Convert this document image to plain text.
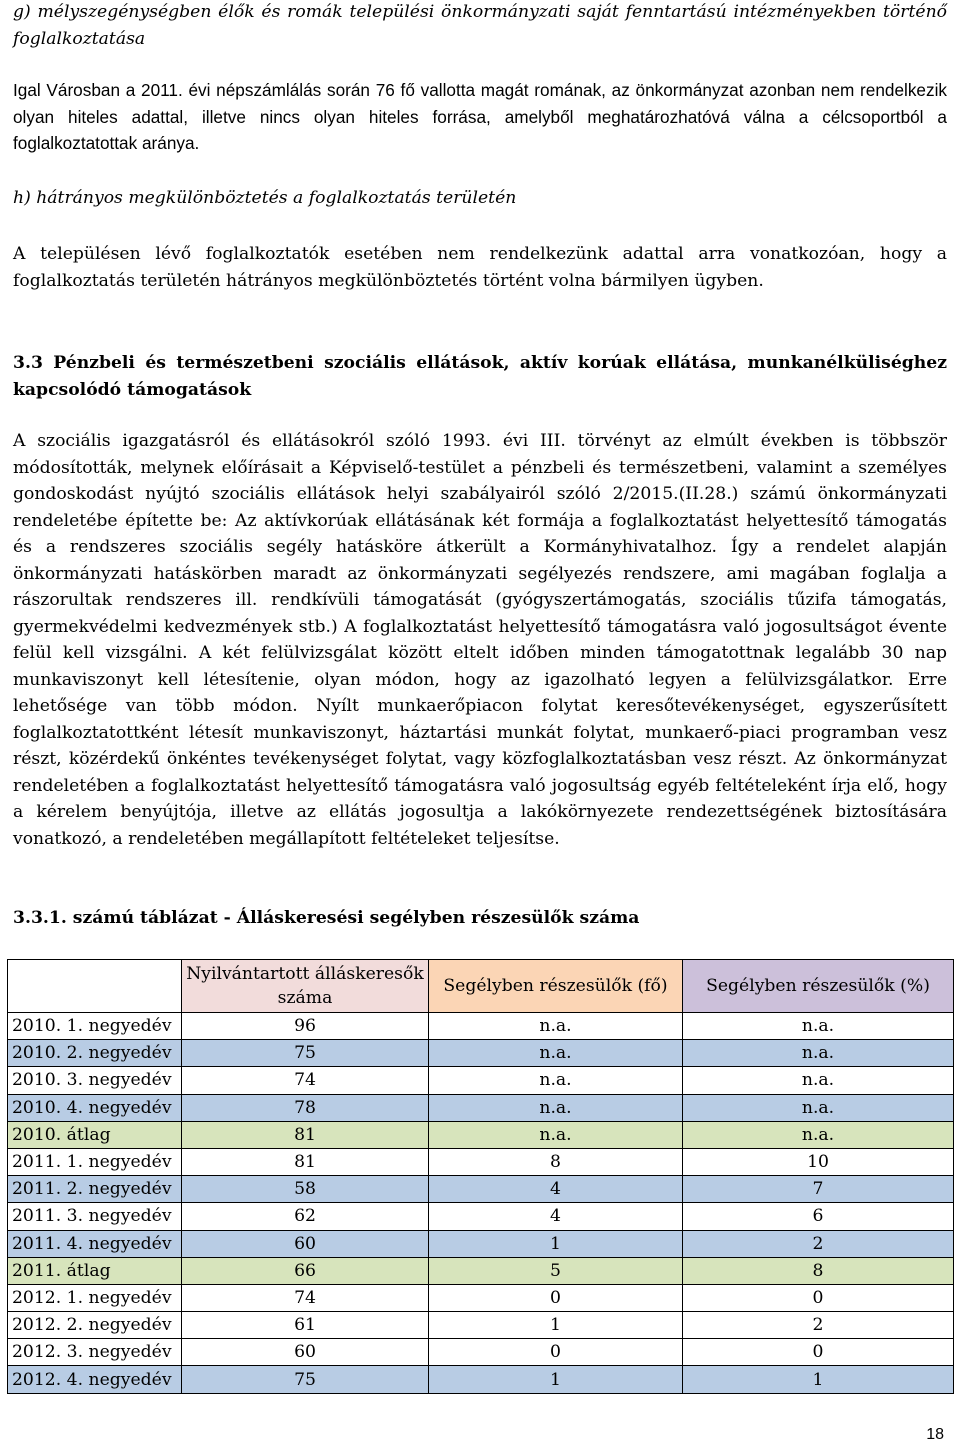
g) mélyszegénységben élők és romák települési önkormányzati saját fenntartású intézményekben történő foglalkoztatása

Igal Városban a 2011. évi népszámlálás során 76 fő vallotta magát romának, az önkormányzat azonban nem rendelkezik olyan hiteles adattal, illetve nincs olyan hiteles forrása, amelyből meghatározhatóvá válna a célcsoportból a foglalkoztatottak aránya.

h) hátrányos megkülönböztetés a foglalkoztatás területén

A településen lévő foglalkoztatók esetében nem rendelkezünk adattal arra vonatkozóan, hogy a foglalkoztatás területén hátrányos megkülönböztetés történt volna bármilyen ügyben.

3.3 Pénzbeli és természetbeni szociális ellátások, aktív korúak ellátása, munkanélküliséghez kapcsolódó támogatások

A szociális igazgatásról és ellátásokról szóló 1993. évi III. törvényt az elmúlt években is többször módosították, melynek előírásait a Képviselő-testület a pénzbeli és természetbeni, valamint a személyes gondoskodást nyújtó szociális ellátások helyi szabályairól szóló 2/2015.(II.28.) számú önkormányzati rendeletébe építette be: Az aktívkorúak ellátásának két formája a foglalkoztatást helyettesítő támogatás és a rendszeres szociális segély hatásköre átkerült a Kormányhivatalhoz. Így a rendelet alapján önkormányzati hatáskörben maradt az önkormányzati segélyezés rendszere, ami magában foglalja a rászorultak rendszeres ill. rendkívüli támogatását (gyógyszertámogatás, szociális tűzifa támogatás, gyermekvédelmi kedvezmények stb.) A foglalkoztatást helyettesítő támogatásra való jogosultságot évente felül kell vizsgálni. A két felülvizsgálat között eltelt időben minden támogatottnak legalább 30 nap munkaviszonyt kell létesítenie, olyan módon, hogy az igazolható legyen a felülvizsgálatkor. Erre lehetősége van több módon. Nyílt munkaerőpiacon folytat keresőtevékenységet, egyszerűsített foglalkoztatottként létesít munkaviszonyt, háztartási munkát folytat, munkaerő-piaci programban vesz részt, közérdekű önkéntes tevékenységet folytat, vagy közfoglalkoztatásban vesz részt. Az önkormányzat rendeletében a foglalkoztatást helyettesítő támogatásra való jogosultság egyéb feltételeként írja elő, hogy a kérelem benyújtója, illetve az ellátás jogosultja a lakókörnyezete rendezettségének biztosítására vonatkozó, a rendeletében megállapított feltételeket teljesítse.

3.3.1. számú táblázat - Álláskeresési segélyben részesülők száma

	Nyilvántartott álláskeresők száma	Segélyben részesülők (fő)	Segélyben részesülők (%)
2010. 1. negyedév	96	n.a.	n.a.
2010. 2. negyedév	75	n.a.	n.a.
2010. 3. negyedév	74	n.a.	n.a.
2010. 4. negyedév	78	n.a.	n.a.
2010. átlag	81	n.a.	n.a.
2011. 1. negyedév	81	8	10
2011. 2. negyedév	58	4	7
2011. 3. negyedév	62	4	6
2011. 4. negyedév	60	1	2
2011. átlag	66	5	8
2012. 1. negyedév	74	0	0
2012. 2. negyedév	61	1	2
2012. 3. negyedév	60	0	0
2012. 4. negyedév	75	1	1
18
